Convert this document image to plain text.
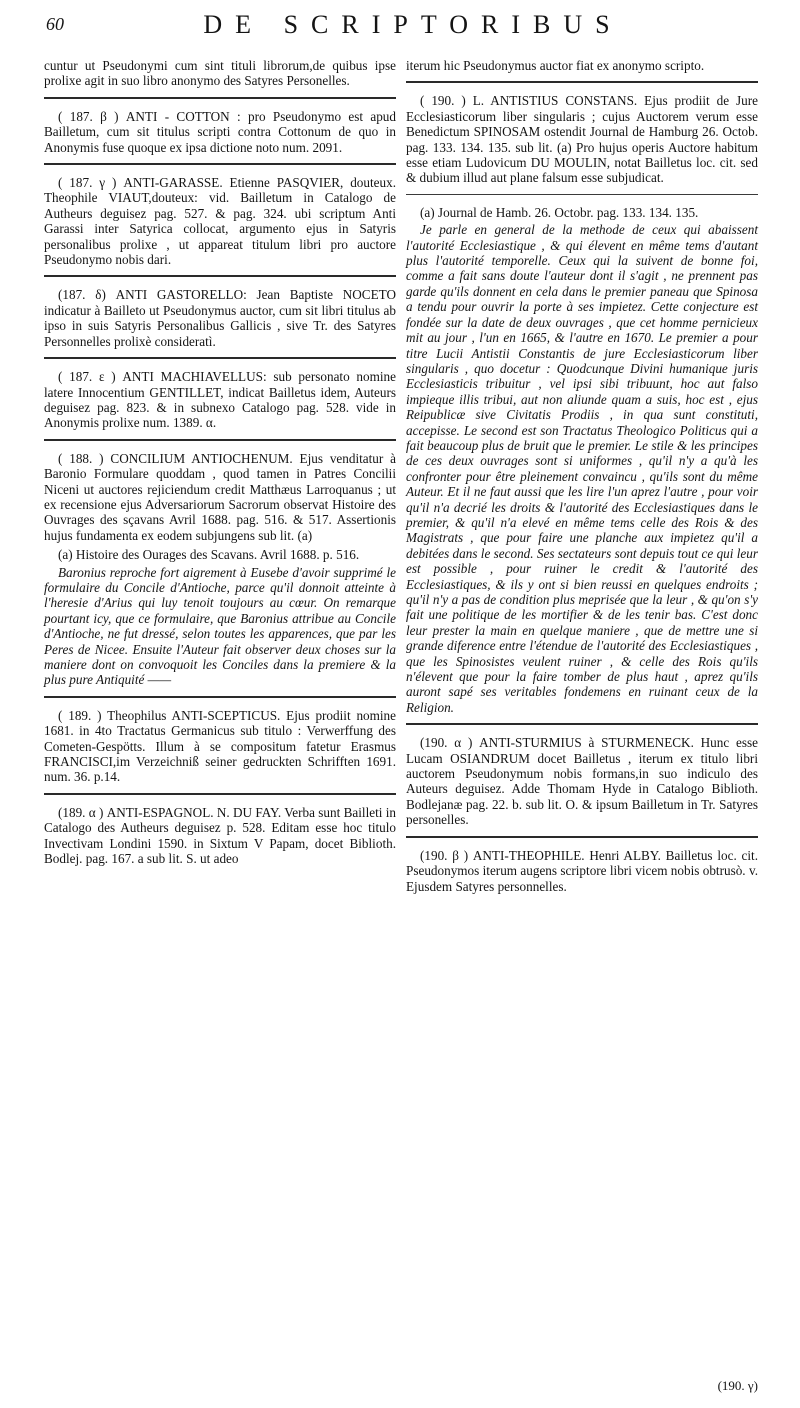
60	DE SCRIPTORIBUS

cuntur ut Pseudonymi cum sint tituli librorum,de quibus ipse prolixe agit in suo libro anonymo des Satyres Personelles.

( 187. β ) ANTI - COTTON : pro Pseudonymo est apud Bailletum, cum sit titulus scripti contra Cottonum de quo in Anonymis fuse quoque ex ipsa dictione noto num. 2091.

( 187. γ ) ANTI-GARASSE. Etienne PASQVIER, douteux. Theophile VIAUT,douteux: vid. Bailletum in Catalogo de Autheurs deguisez pag. 527. & pag. 324. ubi scriptum Anti Garassi inter Satyrica collocat, argumento ejus in Satyris personalibus prolixe , ut appareat titulum libri pro auctore Pseudonymo nobis dari.

(187. δ) ANTI GASTORELLO: Jean Baptiste NOCETO indicatur à Bailleto ut Pseudonymus auctor, cum sit libri titulus ab ipso in suis Satyris Personalibus Gallicis , sive Tr. des Satyres Personnelles prolixè consideratì.

( 187. ε ) ANTI MACHIAVELLUS: sub personato nomine latere Innocentium GENTILLET, indicat Bailletus idem, Auteurs deguisez pag. 823. & in subnexo Catalogo pag. 528. vide in Anonymis prolixe num. 1389. α.

( 188. ) CONCILIUM ANTIOCHENUM. Ejus venditatur à Baronio Formulare quoddam , quod tamen in Patres Concilii Niceni ut auctores rejiciendum credit Matthæus Larroquanus ; ut ex recensione ejus Adversariorum Sacrorum observat Histoire des Ouvrages des sçavans Avril 1688. pag. 516. & 517. Assertionis hujus fundamenta ex eodem subjungens sub lit. (a)

(a) Histoire des Ourages des Scavans. Avril 1688. p. 516.

Baronius reproche fort aigrement à Eusebe d'avoir supprimé le formulaire du Concile d'Antioche, parce qu'il donnoit atteinte à l'heresie d'Arius qui luy tenoit toujours au cœur. On remarque pourtant icy, que ce formulaire, que Baronius attribue au Concile d'Antioche, ne fut dressé, selon toutes les apparences, que par les Peres de Nicee. Ensuite l'Auteur fait observer deux choses sur la maniere dont on convoquoit les Conciles dans la premiere & la plus pure Antiquité ——

( 189. ) Theophilus ANTI-SCEPTICUS. Ejus prodiit nomine 1681. in 4to Tractatus Germanicus sub titulo : Verwerffung des Cometen-Gespötts. Illum à se compositum fatetur Erasmus FRANCISCI,im Verzeichniß seiner gedruckten Schrifften 1691. num. 36. p.14.

(189. α ) ANTI-ESPAGNOL. N. DU FAY. Verba sunt Bailleti in Catalogo des Autheurs deguisez p. 528. Editam esse hoc titulo Invectivam Londini 1590. in Sixtum V Papam, docet Biblioth. Bodlej. pag. 167. a sub lit. S. ut adeo

iterum hic Pseudonymus auctor fiat ex anonymo scripto.

( 190. ) L. ANTISTIUS CONSTANS. Ejus prodiit de Jure Ecclesiasticorum liber singularis ; cujus Auctorem verum esse Benedictum SPINOSAM ostendit Journal de Hamburg 26. Octob. pag. 133. 134. 135. sub lit. (a) Pro hujus operis Auctore habitum esse etiam Ludovicum DU MOULIN, notat Bailletus loc. cit. sed & dubium illud aut plane falsum esse subjudicat.

(a) Journal de Hamb. 26. Octobr. pag. 133. 134. 135.

Je parle en general de la methode de ceux qui abaissent l'autorité Ecclesiastique , & qui élevent en même tems d'autant plus l'autorité temporelle. Ceux qui la suivent de bonne foi, comme a fait sans doute l'auteur dont il s'agit , ne prennent pas garde qu'ils donnent en cela dans le premier paneau que Spinosa a tendu pour ouvrir la porte à ses impietez. Cette conjecture est fondée sur la date de deux ouvrages , que cet homme pernicieux mit au jour , l'un en 1665, & l'autre en 1670. Le premier a pour titre Lucii Antistii Constantis de jure Ecclesiasticorum liber singularis , quo docetur : Quodcunque Divini humanique juris Ecclesiasticis tribuitur , vel ipsi sibi tribuunt, hoc aut falso impieque illis tribui, aut non aliunde quam a suis, hoc est , ejus Reipublicæ sive Civitatis Prodiis , in qua sunt constituti, accepisse. Le second est son Tractatus Theologico Politicus qui a fait beaucoup plus de bruit que le premier. Le stile & les principes de ces deux ouvrages sont si uniformes , qu'il n'y a qu'à les confronter pour être pleinement convaincu , qu'ils sont du même Auteur. Et il ne faut aussi que les lire l'un aprez l'autre , pour voir qu'il n'a decrié les droits & l'autorité des Ecclesiastiques dans le premier, & qu'il n'a elevé en même tems celle des Rois & des Magistrats , que pour faire une planche aux impietez qu'il a debitées dans le second. Ses sectateurs sont depuis tout ce qui leur est possible , pour ruiner le credit & l'autorité des Ecclesiastiques, & ils y ont si bien reussi en quelques endroits ; qu'il n'y a pas de condition plus meprisée que la leur , & qu'on s'y fait une politique de les mortifier & de les tenir bas. C'est donc leur prester la main en quelque maniere , que de mettre une si grande diference entre l'étendue de l'autorité des Ecclesiastiques , que les Spinosistes veulent ruiner , & celle des Rois qu'ils n'élevent que pour la faire tomber de plus haut , aprez qu'ils auront sapé ses veritables fondemens en ruinant ceux de la Religion.

(190. α ) ANTI-STURMIUS à STURMENECK. Hunc esse Lucam OSIANDRUM docet Bailletus , iterum ex titulo libri auctorem Pseudonymum nobis formans,in suo indiculo des Auteurs deguisez. Adde Thomam Hyde in Catalogo Biblioth. Bodlejanæ pag. 22. b. sub lit. O. & ipsum Bailletum in Tr. Satyres personelles.

(190. β ) ANTI-THEOPHILE. Henri ALBY. Bailletus loc. cit. Pseudonymos iterum augens scriptore libri vicem nobis obtrusò. v. Ejusdem Satyres personnelles.

(190. γ)
